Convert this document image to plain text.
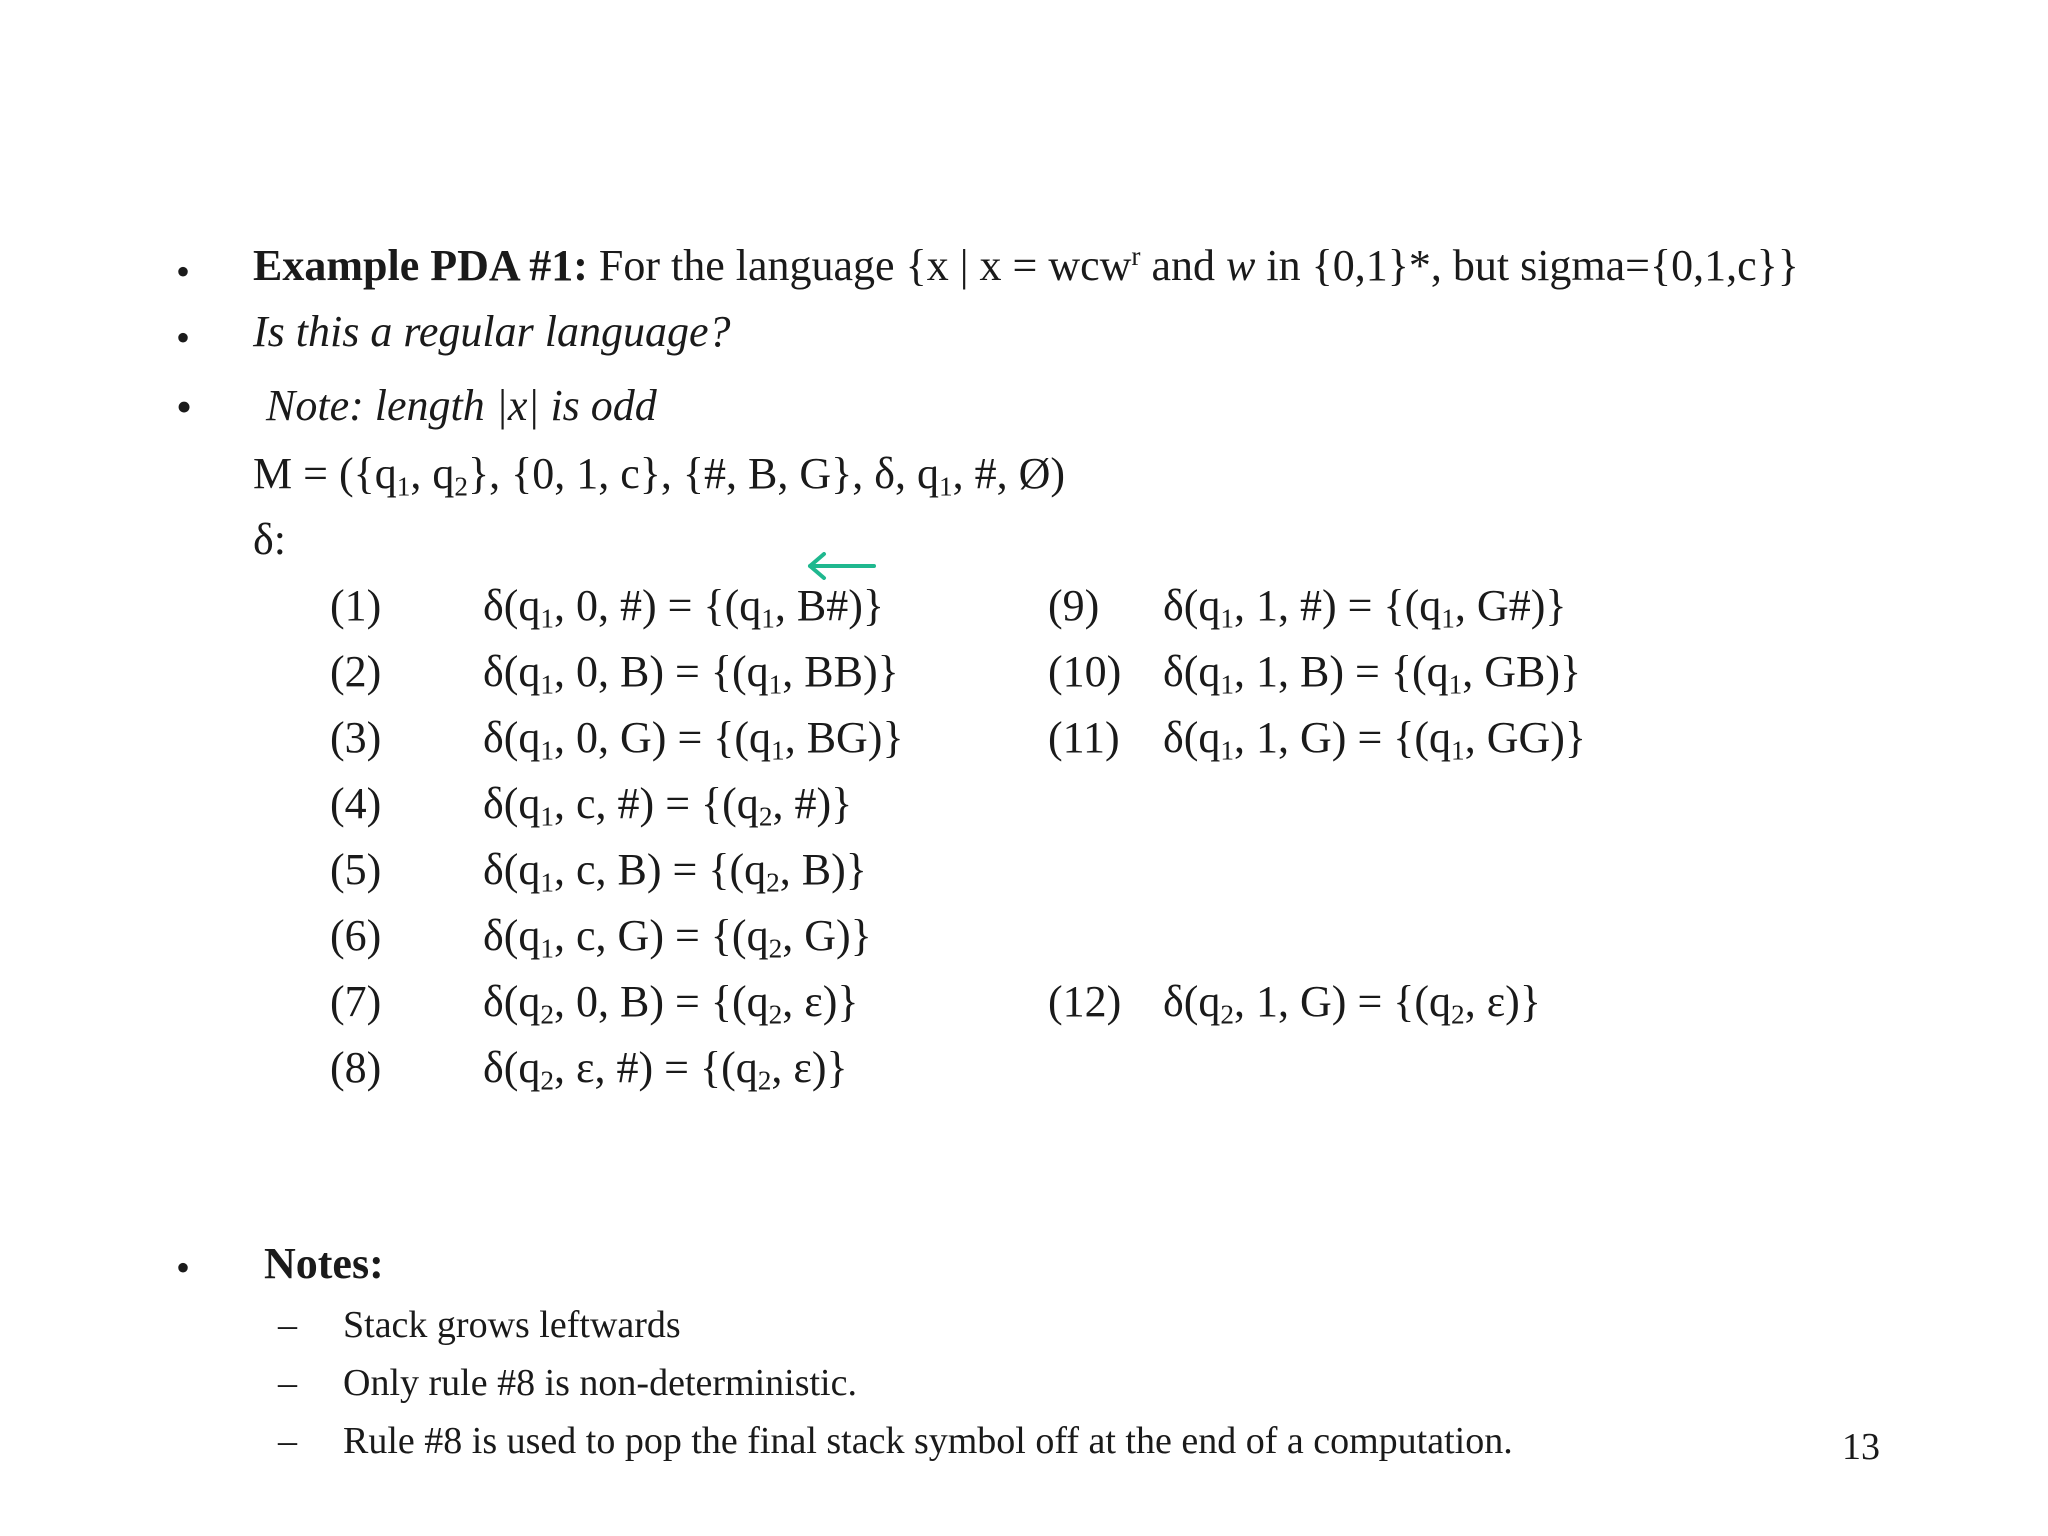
• Example PDA #1: For the language {x | x = wcw$^r$ and w in {0,1}*, but sigma={0,1,c}}
• Is this a regular language?
• Note: length |x| is odd
$M = (\{q_1$, $q_2$}, {0, 1, c}, {#, B, G}, δ, $q_1$, #, Ø)
δ:
(1) $\delta(q_1$, 0, #) = {($q_1$, B#)}
(2) $\delta(q_1$, 0, $B) = \{(q_1$, BB)}
(3) $\delta(q_1$, 0, $G) = \{(q_1$, BG)}
(4) $\delta(q_1$, c, #) = {($q_2$, #)}
(5) $\delta(q_1$, c, $B) = \{(q_2$, B)}
(6) $\delta(q_1$, c, $G) = \{(q_2$, G)}
(7) $\delta(q_2$, 0, $B) = \{(q_2$, ε)}
(8) $\delta(q_2$, ε, #) = {($q_2$, ε)}
(9) $\delta(q_1$, 1, #) = {($q_1$, G#)}
(10) $\delta(q_1$, 1, $B) = \{(q_1$, GB)}
(11) $\delta(q_1$, 1, $G) = \{(q_1$, GG)}
(12) $\delta(q_2$, 1, $G) = \{(q_2$, ε)}
• Notes:
– Stack grows leftwards
– Only rule #8 is non-deterministic.
– Rule #8 is used to pop the final stack symbol off at the end of a computation.	13
